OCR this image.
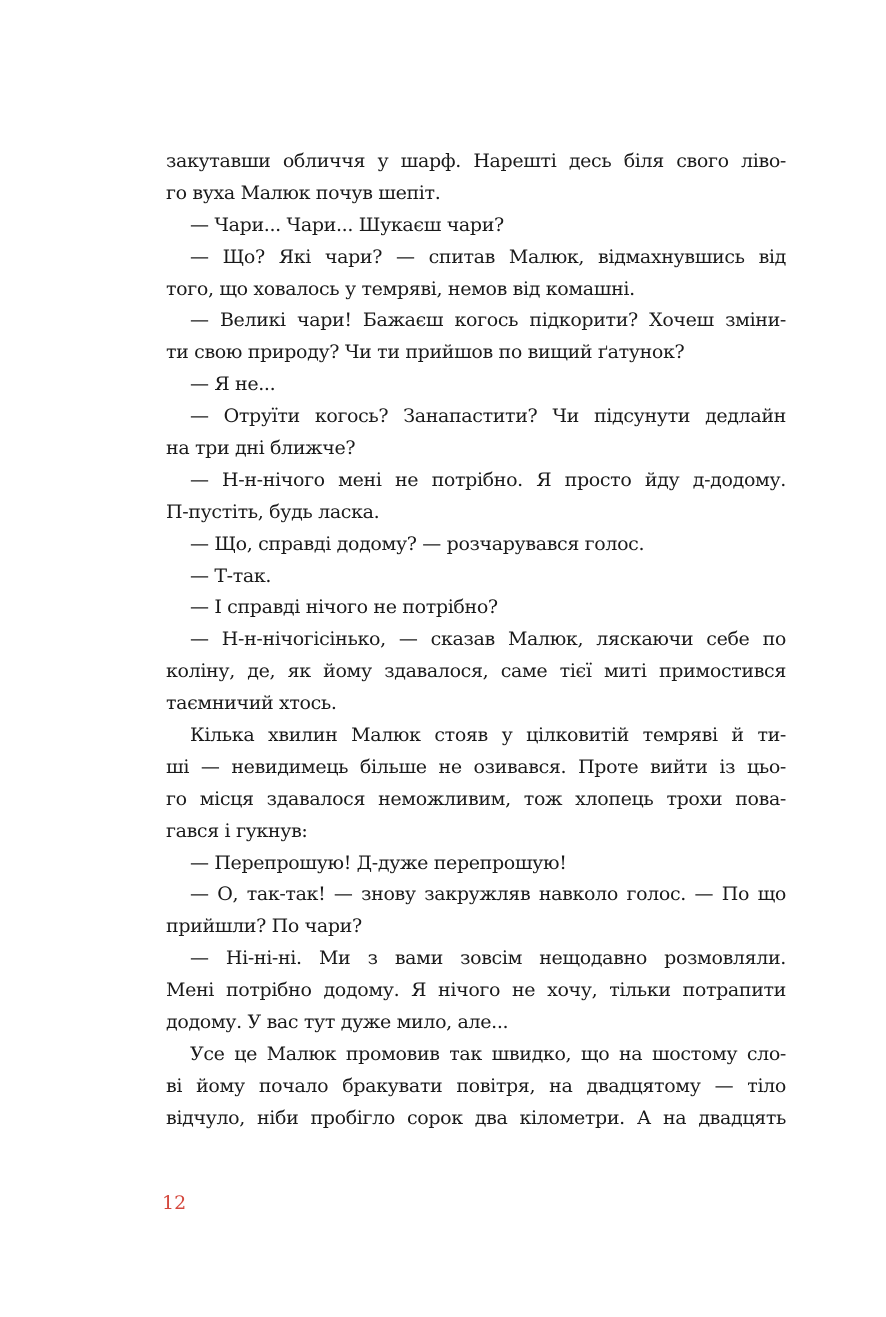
закутавши обличчя у шарф. Нарешті десь біля свого ліво-
го вуха Малюк почув шепіт.
— Чари... Чари... Шукаєш чари?
— Що? Які чари? — спитав Малюк, відмахнувшись від
того, що ховалось у темряві, немов від комашні.
— Великі чари! Бажаєш когось підкорити? Хочеш зміни-
ти свою природу? Чи ти прийшов по вищий ґатунок?
— Я не...
— Отруїти когось? Занапастити? Чи підсунути дедлайн
на три дні ближче?
— Н-н-нічого мені не потрібно. Я просто йду д-додому.
П-пустіть, будь ласка.
— Що, справді додому? — розчарувався голос.
— Т-так.
— І справді нічого не потрібно?
— Н-н-нічогісінько, — сказав Малюк, ляскаючи себе по
коліну, де, як йому здавалося, саме тієї миті примостився
таємничий хтось.
Кілька хвилин Малюк стояв у цілковитій темряві й ти-
ші — невидимець більше не озивався. Проте вийти із цьо-
го місця здавалося неможливим, тож хлопець трохи пова-
гався і гукнув:
— Перепрошую! Д-дуже перепрошую!
— О, так-так! — знову закружляв навколо голос. — По що
прийшли? По чари?
— Ні-ні-ні. Ми з вами зовсім нещодавно розмовляли.
Мені потрібно додому. Я нічого не хочу, тільки потрапити
додому. У вас тут дуже мило, але...
Усе це Малюк промовив так швидко, що на шостому сло-
ві йому почало бракувати повітря, на двадцятому — тіло
відчуло, ніби пробігло сорок два кілометри. А на двадцять
12
